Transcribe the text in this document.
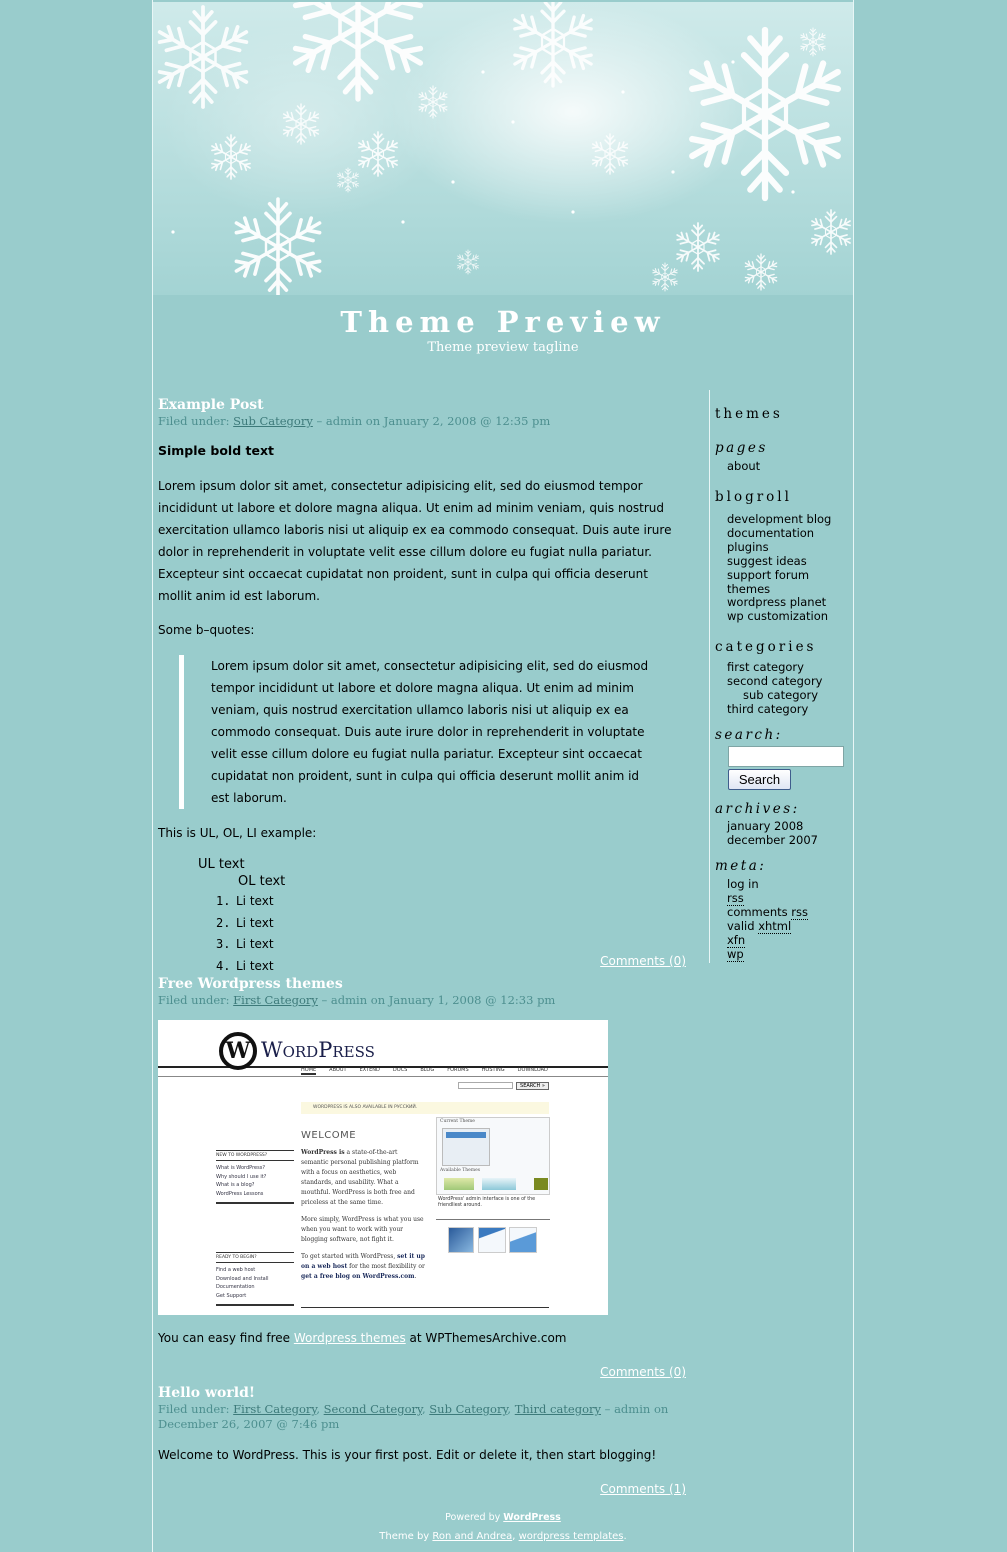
Theme Preview
Theme preview tagline
Example Post
Filed under: Sub Category – admin on January 2, 2008 @ 12:35 pm

Simple bold text

Lorem ipsum dolor sit amet, consectetur adipisicing elit, sed do eiusmod tempor incididunt ut labore et dolore magna aliqua. Ut enim ad minim veniam, quis nostrud exercitation ullamco laboris nisi ut aliquip ex ea commodo consequat. Duis aute irure dolor in reprehenderit in voluptate velit esse cillum dolore eu fugiat nulla pariatur. Excepteur sint occaecat cupidatat non proident, sunt in culpa qui officia deserunt mollit anim id est laborum.

Some b–quotes:

Lorem ipsum dolor sit amet, consectetur adipisicing elit, sed do eiusmod tempor incididunt ut labore et dolore magna aliqua. Ut enim ad minim veniam, quis nostrud exercitation ullamco laboris nisi ut aliquip ex ea commodo consequat. Duis aute irure dolor in reprehenderit in voluptate velit esse cillum dolore eu fugiat nulla pariatur. Excepteur sint occaecat cupidatat non proident, sunt in culpa qui officia deserunt mollit anim id est laborum.

This is UL, OL, LI example:

UL text
OL text
1. Li text
2. Li text
3. Li text
4. Li text	Comments (0)
Free Wordpress themes
Filed under: First Category – admin on January 1, 2008 @ 12:33 pm
W WordPress
HOME	ABOUT	EXTEND	DOCS	BLOG	FORUMS	HOSTING	DOWNLOAD
SEARCH »
WORDPRESS IS ALSO AVAILABLE IN РУССКИЙ.
WELCOME
WordPress is a state-of-the-art semantic personal publishing platform with a focus on aesthetics, web standards, and usability. What a mouthful. WordPress is both free and priceless at the same time.
More simply, WordPress is what you use when you want to work with your blogging software, not fight it.
To get started with WordPress, set it up on a web host for the most flexibility or get a free blog on WordPress.com.
NEW TO WORDPRESS?
What is WordPress?
Why should I use it?
What is a blog?
WordPress Lessons
READY TO BEGIN?
Find a web host
Download and Install
Documentation
Get Support
Current Theme
Available Themes
WordPress' admin interface is one of the friendliest around.
You can easy find free Wordpress themes at WPThemesArchive.com
Comments (0)
Hello world!
Filed under: First Category, Second Category, Sub Category, Third category – admin on December 26, 2007 @ 7:46 pm
Welcome to WordPress. This is your first post. Edit or delete it, then start blogging!
Comments (1)
themes
pages
about
blogroll
development blog
documentation
plugins
suggest ideas
support forum
themes
wordpress planet
wp customization
categories
first category
second category
sub category
third category
search:
Search
archives:
january 2008
december 2007
meta:
log in
rss
comments rss
valid xhtml
xfn
wp
Powered by WordPress
Theme by Ron and Andrea, wordpress templates.
